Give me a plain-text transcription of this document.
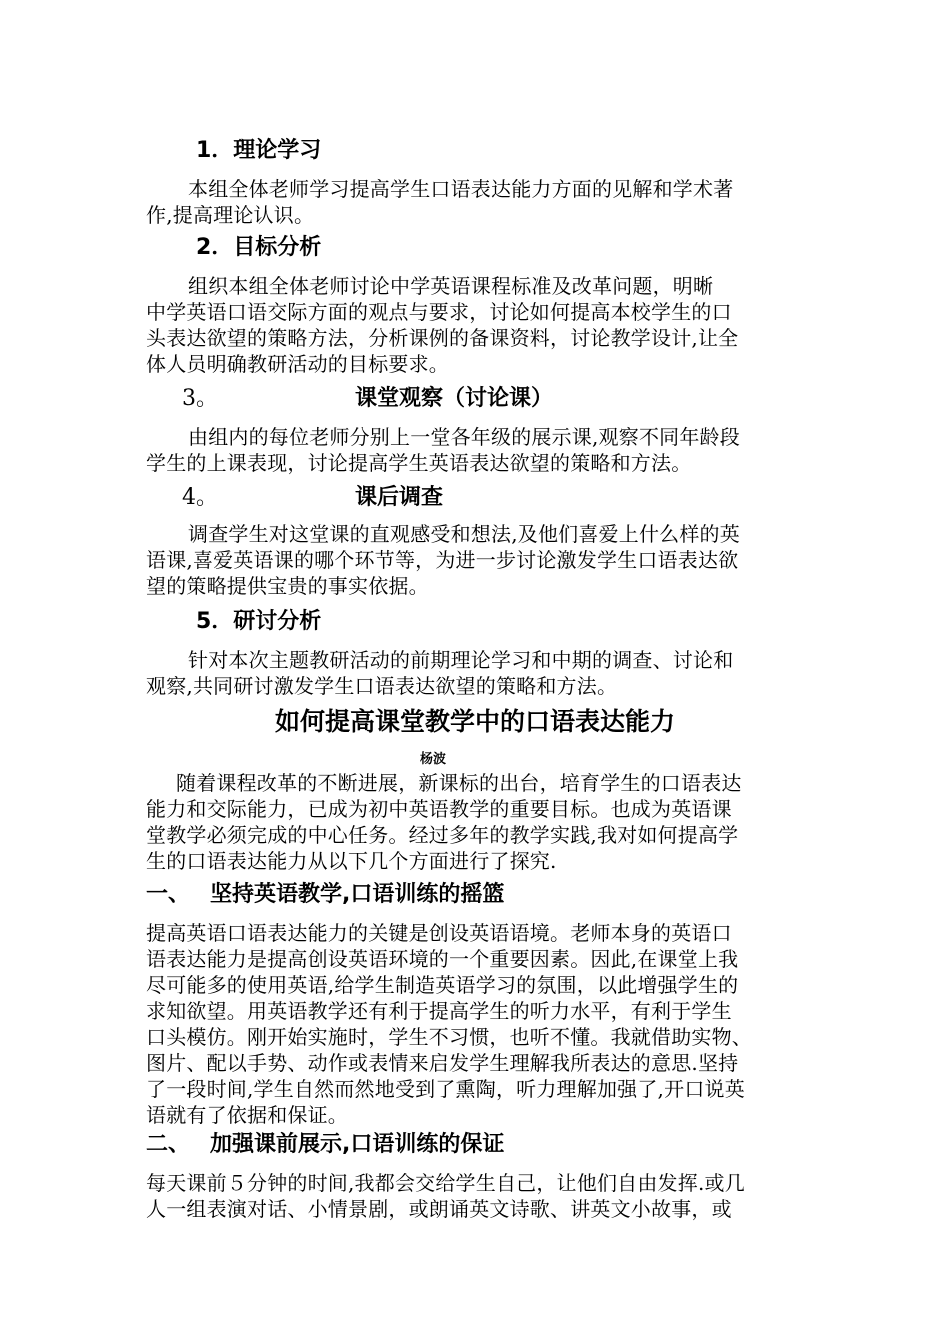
1．理论学习
本组全体老师学习提高学生口语表达能力方面的见解和学术著
作,提高理论认识。
2．目标分析
组织本组全体老师讨论中学英语课程标准及改革问题，明晰
中学英语口语交际方面的观点与要求，讨论如何提高本校学生的口
头表达欲望的策略方法，分析课例的备课资料，讨论教学设计,让全
体人员明确教研活动的目标要求。
3。	课堂观察（讨论课）
由组内的每位老师分别上一堂各年级的展示课,观察不同年龄段
学生的上课表现，讨论提高学生英语表达欲望的策略和方法。
4。	课后调查
调查学生对这堂课的直观感受和想法,及他们喜爱上什么样的英
语课,喜爱英语课的哪个环节等，为进一步讨论激发学生口语表达欲
望的策略提供宝贵的事实依据。
5．研讨分析
针对本次主题教研活动的前期理论学习和中期的调查、讨论和
观察,共同研讨激发学生口语表达欲望的策略和方法。
如何提高课堂教学中的口语表达能力
杨波
随着课程改革的不断进展，新课标的出台，培育学生的口语表达
能力和交际能力，已成为初中英语教学的重要目标。也成为英语课
堂教学必须完成的中心任务。经过多年的教学实践,我对如何提高学
生的口语表达能力从以下几个方面进行了探究.
一、 坚持英语教学,口语训练的摇篮
提高英语口语表达能力的关键是创设英语语境。老师本身的英语口
语表达能力是提高创设英语环境的一个重要因素。因此,在课堂上我
尽可能多的使用英语,给学生制造英语学习的氛围，以此增强学生的
求知欲望。用英语教学还有利于提高学生的听力水平，有利于学生
口头模仿。刚开始实施时，学生不习惯，也听不懂。我就借助实物、
图片、配以手势、动作或表情来启发学生理解我所表达的意思.坚持
了一段时间,学生自然而然地受到了熏陶，听力理解加强了,开口说英
语就有了依据和保证。
二、 加强课前展示,口语训练的保证
每天课前５分钟的时间,我都会交给学生自己，让他们自由发挥.或几
人一组表演对话、小情景剧，或朗诵英文诗歌、讲英文小故事，或
